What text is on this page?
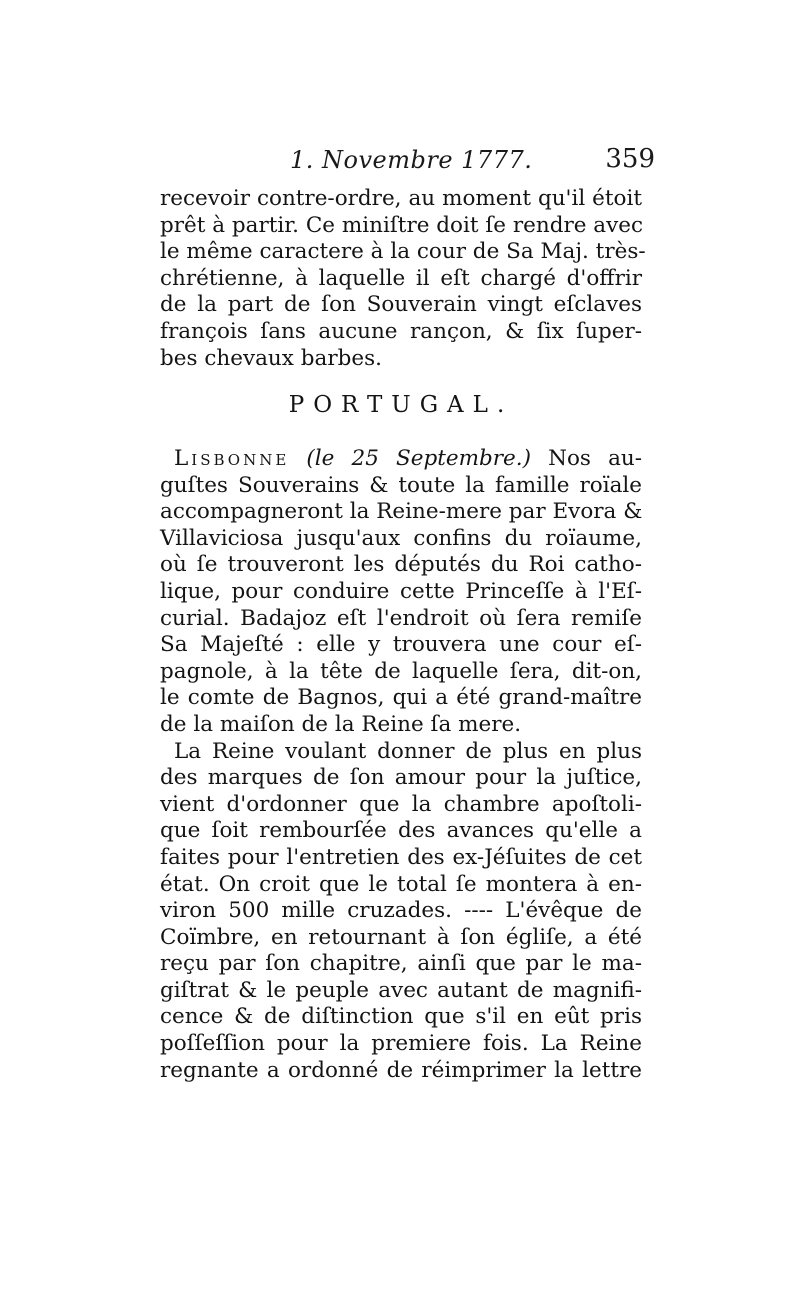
1. Novembre 1777.	359
recevoir contre-ordre, au moment qu'il étoit
prêt à partir. Ce miniſtre doit ſe rendre avec
le même caractere à la cour de Sa Maj. très-
chrétienne, à laquelle il eſt chargé d'offrir
de la part de ſon Souverain vingt eſclaves
françois ſans aucune rançon, & ſix ſuper-
bes chevaux barbes.
PORTUGAL.
Lisbonne (le 25 Septembre.) Nos au-
guſtes Souverains & toute la famille roïale
accompagneront la Reine-mere par Evora &
Villaviciosa jusqu'aux confins du roïaume,
où ſe trouveront les députés du Roi catho-
lique, pour conduire cette Princeſſe à l'Eſ-
curial. Badajoz eſt l'endroit où ſera remiſe
Sa Majeſté : elle y trouvera une cour eſ-
pagnole, à la tête de laquelle ſera, dit-on,
le comte de Bagnos, qui a été grand-maître
de la maiſon de la Reine ſa mere.
La Reine voulant donner de plus en plus
des marques de ſon amour pour la juſtice,
vient d'ordonner que la chambre apoſtoli-
que ſoit rembourſée des avances qu'elle a
faites pour l'entretien des ex-Jéſuites de cet
état. On croit que le total ſe montera à en-
viron 500 mille cruzades. ---- L'évêque de
Coïmbre, en retournant à ſon égliſe, a été
reçu par ſon chapitre, ainſi que par le ma-
giſtrat & le peuple avec autant de magnifi-
cence & de diſtinction que s'il en eût pris
poſſeſſion pour la premiere fois. La Reine
regnante a ordonné de réimprimer la lettre
